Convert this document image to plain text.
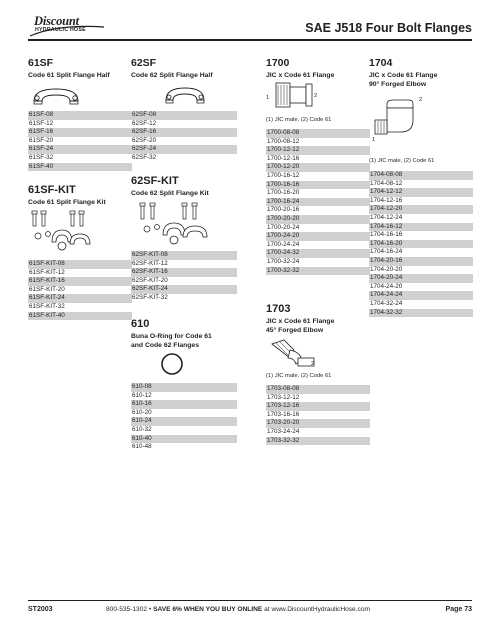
Discount
HYDRAULIC HOSE	SAE J518 Four Bolt Flanges
61SF
Code 61 Split Flange Half
61SF-08
61SF-12
61SF-16
61SF-20
61SF-24
61SF-32
61SF-40
61SF-KIT
Code 61 Split Flange Kit
61SF-KIT-08
61SF-KIT-12
61SF-KIT-16
61SF-KIT-20
61SF-KIT-24
61SF-KIT-32
61SF-KIT-40
62SF
Code 62 Split Flange Half
62SF-08
62SF-12
62SF-16
62SF-20
62SF-24
62SF-32
62SF-KIT
Code 62 Split Flange Kit
62SF-KIT-08
62SF-KIT-12
62SF-KIT-16
62SF-KIT-20
62SF-KIT-24
62SF-KIT-32
610
Buna O-Ring for Code 61
and Code 62 Flanges
610-08
610-12
610-16
610-20
610-24
610-32
610-40
610-48
1700
JIC x Code 61 Flange
1	2
(1) JIC male, (2) Code 61
1700-08-08
1700-08-12
1700-12-12
1700-12-16
1700-12-20
1700-16-12
1700-16-16
1700-16-20
1700-16-24
1700-20-16
1700-20-20
1700-20-24
1700-24-20
1700-24-24
1700-24-32
1700-32-24
1700-32-32
1703
JIC x Code 61 Flange
45° Forged Elbow
2
(1) JIC male, (2) Code 61
1703-08-08
1703-12-12
1703-12-16
1703-16-16
1703-20-20
1703-24-24
1703-32-32
1704
JIC x Code 61 Flange
90° Forged Elbow
2
1
(1) JIC male, (2) Code 61
1704-08-08
1704-08-12
1704-12-12
1704-12-16
1704-12-20
1704-12-24
1704-16-12
1704-16-16
1704-16-20
1704-16-24
1704-20-16
1704-20-20
1704-20-24
1704-24-20
1704-24-24
1704-32-24
1704-32-32
ST2003	800-535-1302 • SAVE 6% WHEN YOU BUY ONLINE at www.DiscountHydraulicHose.com	Page 73
